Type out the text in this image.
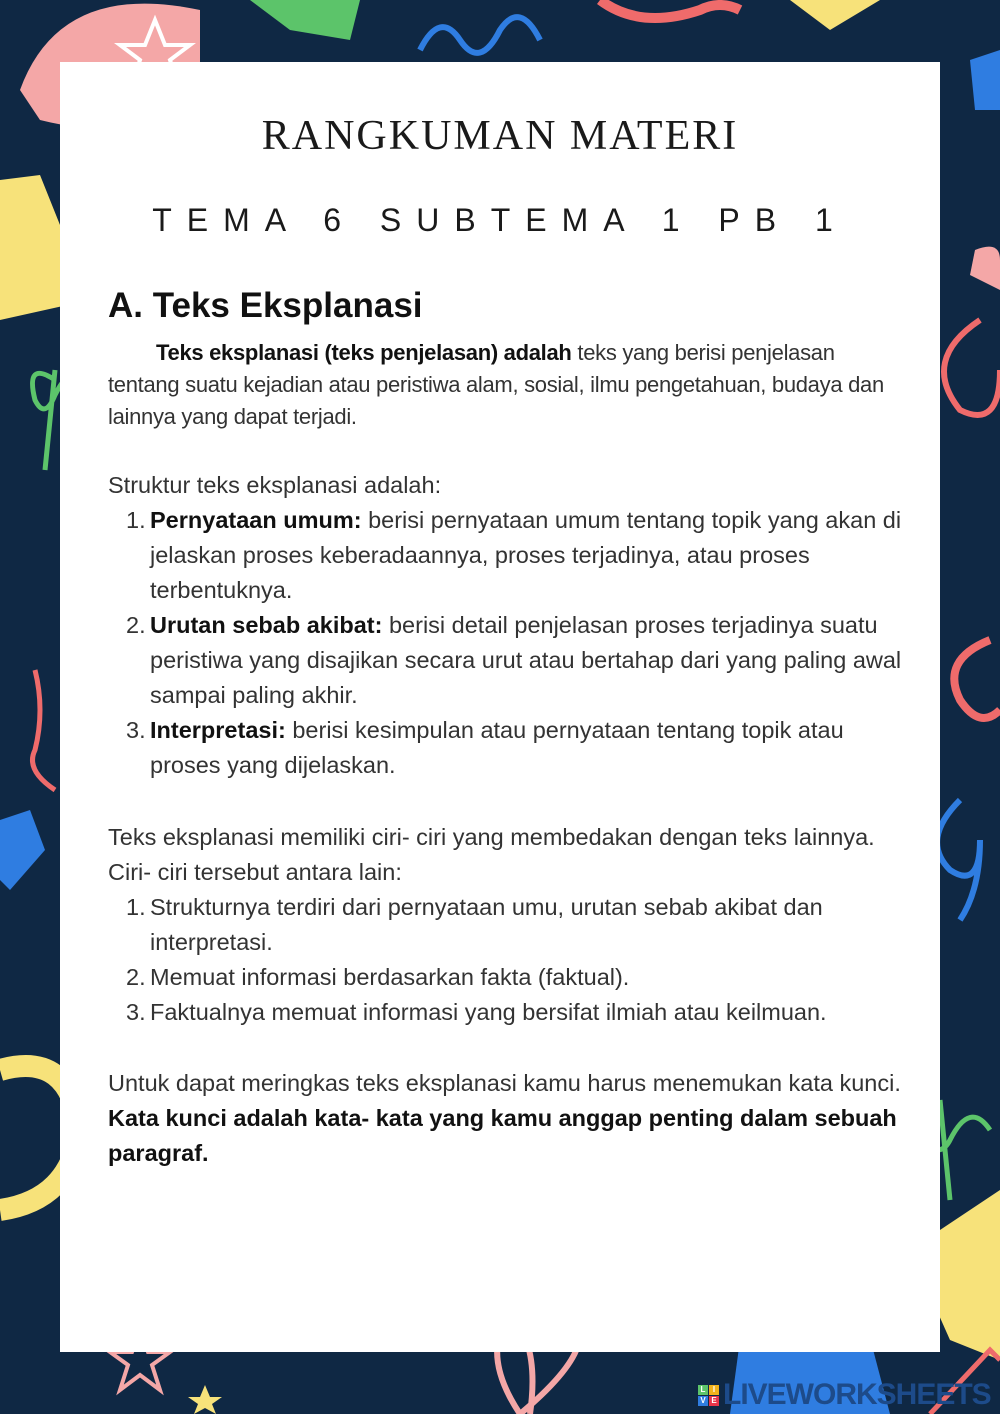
RANGKUMAN MATERI
TEMA 6 SUBTEMA 1 PB 1
A. Teks Eksplanasi
Teks eksplanasi (teks penjelasan) adalah teks yang berisi penjelasan tentang suatu kejadian atau peristiwa alam, sosial, ilmu pengetahuan, budaya dan lainnya yang dapat terjadi.
Struktur teks eksplanasi adalah:
1. Pernyataan umum: berisi pernyataan umum tentang topik yang akan di jelaskan proses keberadaannya, proses terjadinya, atau proses terbentuknya.
2. Urutan sebab akibat: berisi detail penjelasan proses terjadinya suatu peristiwa yang disajikan secara urut atau bertahap dari yang paling awal sampai paling akhir.
3. Interpretasi: berisi kesimpulan atau pernyataan tentang topik atau proses yang dijelaskan.
Teks eksplanasi memiliki ciri- ciri yang membedakan dengan teks lainnya. Ciri- ciri tersebut antara lain:
1. Strukturnya terdiri dari pernyataan umu, urutan sebab akibat dan interpretasi.
2. Memuat informasi berdasarkan fakta (faktual).
3. Faktualnya memuat informasi yang bersifat ilmiah atau keilmuan.
Untuk dapat meringkas teks eksplanasi kamu harus menemukan kata kunci. Kata kunci adalah kata- kata yang kamu anggap penting dalam sebuah paragraf.
L I
V E LIVEWORKSHEETS
